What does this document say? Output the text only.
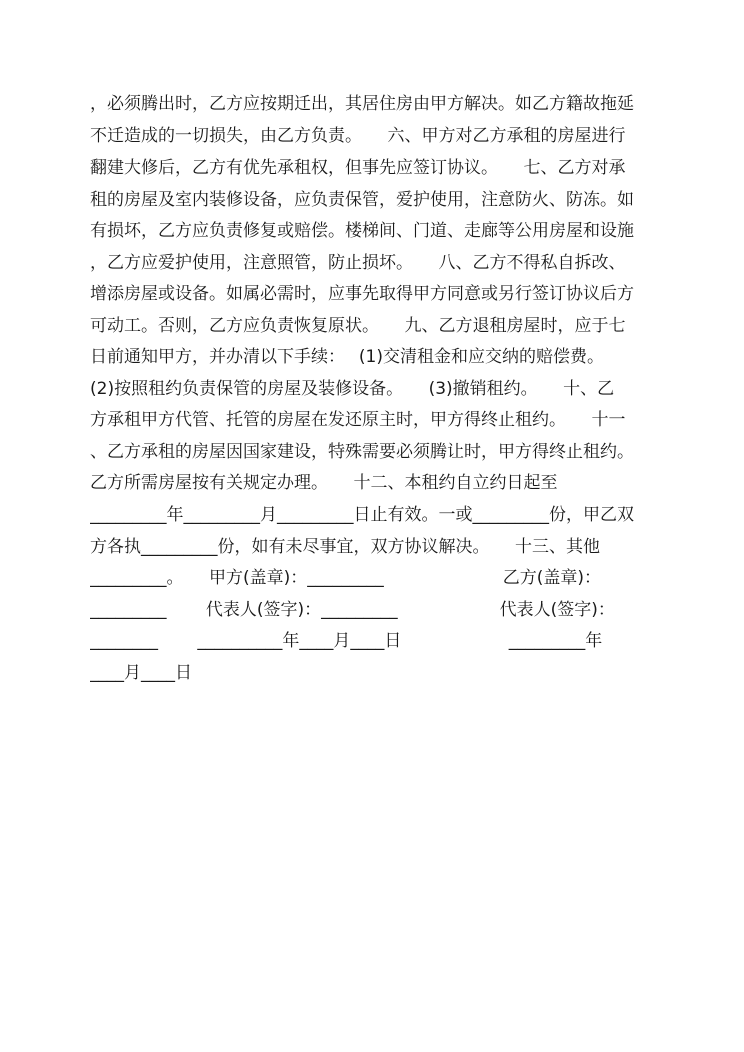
，必须腾出时，乙方应按期迁出，其居住房由甲方解决。如乙方籍故拖延
不迁造成的一切损失，由乙方负责。　　六、甲方对乙方承租的房屋进行
翻建大修后，乙方有优先承租权，但事先应签订协议。　　七、乙方对承
租的房屋及室内装修设备，应负责保管，爱护使用，注意防火、防冻。如
有损坏，乙方应负责修复或赔偿。楼梯间、门道、走廊等公用房屋和设施
，乙方应爱护使用，注意照管，防止损坏。　　八、乙方不得私自拆改、
增添房屋或设备。如属必需时，应事先取得甲方同意或另行签订协议后方
可动工。否则，乙方应负责恢复原状。　　九、乙方退租房屋时，应于七
日前通知甲方，并办清以下手续：　 (1)交清租金和应交纳的赔偿费。
(2)按照租约负责保管的房屋及装修设备。　　(3)撤销租约。　　十、乙
方承租甲方代管、托管的房屋在发还原主时，甲方得终止租约。　　十一
、乙方承租的房屋因国家建设，特殊需要必须腾让时，甲方得终止租约。
乙方所需房屋按有关规定办理。　　十二、本租约自立约日起至
_________年_________月_________日止有效。一或_________份，甲乙双
方各执_________份，如有未尽事宜，双方协议解决。　　十三、其他
_________。　　甲方(盖章)：_________　　　　　　　乙方(盖章)：
_________　　 代表人(签字)：_________　　　　　　代表人(签字)：
________　　 __________年____月____日　　　　　　 _________年
____月____日
